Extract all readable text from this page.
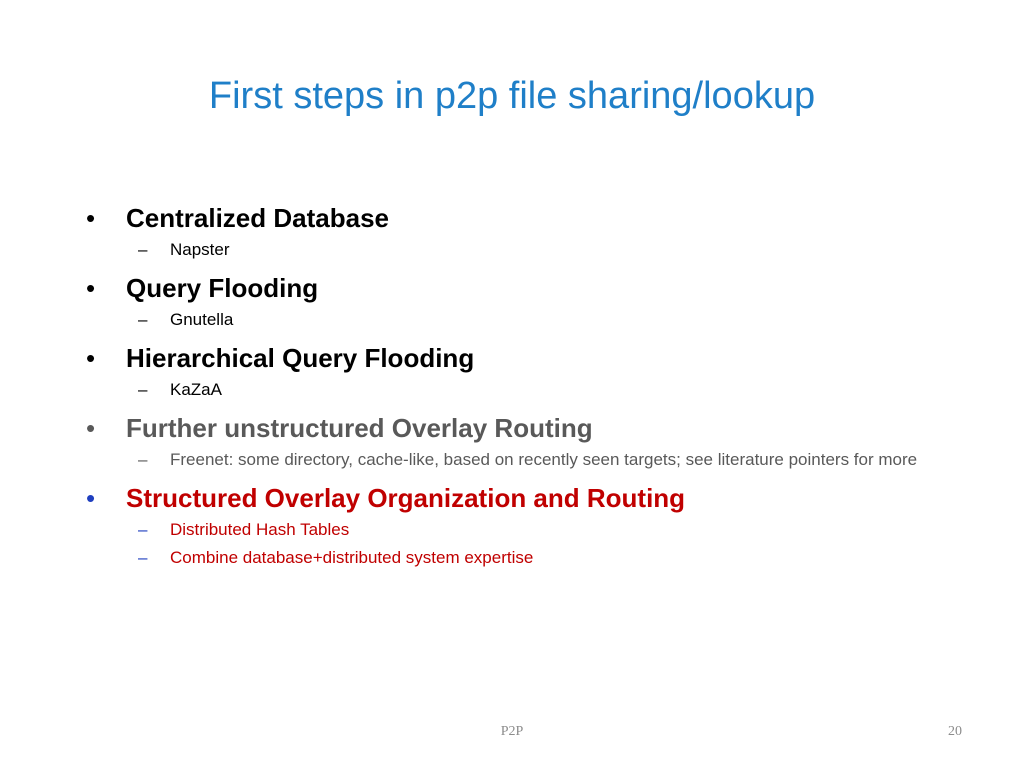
First steps in p2p file sharing/lookup
• Centralized Database
– Napster
• Query Flooding
– Gnutella
• Hierarchical Query Flooding
– KaZaA
• Further unstructured Overlay Routing
– Freenet: some directory, cache-like, based on recently seen targets; see literature pointers for more
• Structured Overlay Organization and Routing
– Distributed Hash Tables
– Combine database+distributed system expertise
P2P	20
